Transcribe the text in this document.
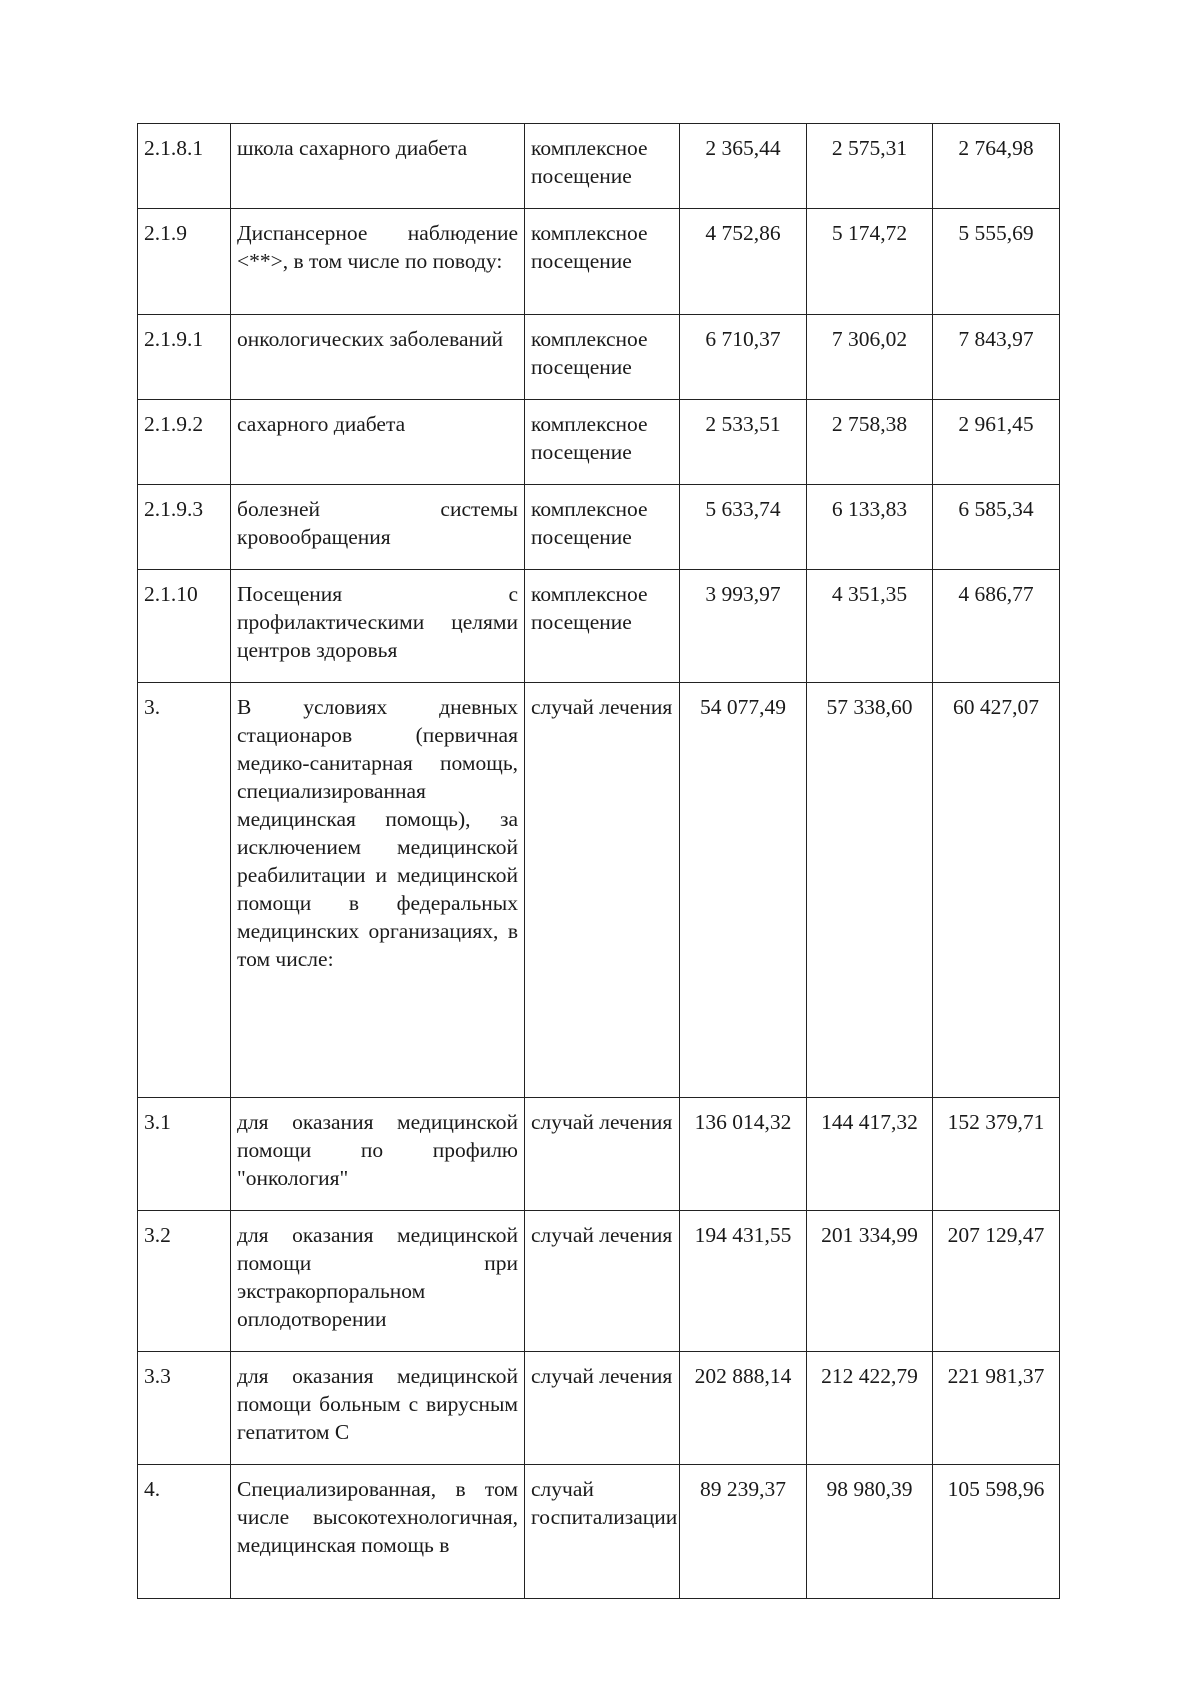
2.1.8.1	школа сахарного диабета	комплексное посещение	2 365,44	2 575,31	2 764,98
2.1.9	Диспансерное наблюдение <**>, в том числе по поводу:	комплексное посещение	4 752,86	5 174,72	5 555,69
2.1.9.1	онкологических заболеваний	комплексное посещение	6 710,37	7 306,02	7 843,97
2.1.9.2	сахарного диабета	комплексное посещение	2 533,51	2 758,38	2 961,45
2.1.9.3	болезней системы кровообращения	комплексное посещение	5 633,74	6 133,83	6 585,34
2.1.10	Посещения с профилактическими целями центров здоровья	комплексное посещение	3 993,97	4 351,35	4 686,77
3.	В условиях дневных стационаров (первичная медико-санитарная помощь, специализированная медицинская помощь), за исключением медицинской реабилитации и медицинской помощи в федеральных медицинских организациях, в том числе:	случай лечения	54 077,49	57 338,60	60 427,07
3.1	для оказания медицинской помощи по профилю "онкология"	случай лечения	136 014,32	144 417,32	152 379,71
3.2	для оказания медицинской помощи при экстракорпоральном оплодотворении	случай лечения	194 431,55	201 334,99	207 129,47
3.3	для оказания медицинской помощи больным с вирусным гепатитом С	случай лечения	202 888,14	212 422,79	221 981,37
4.	Специализированная, в том числе высокотехнологичная, медицинская помощь в	случай госпитализации	89 239,37	98 980,39	105 598,96
